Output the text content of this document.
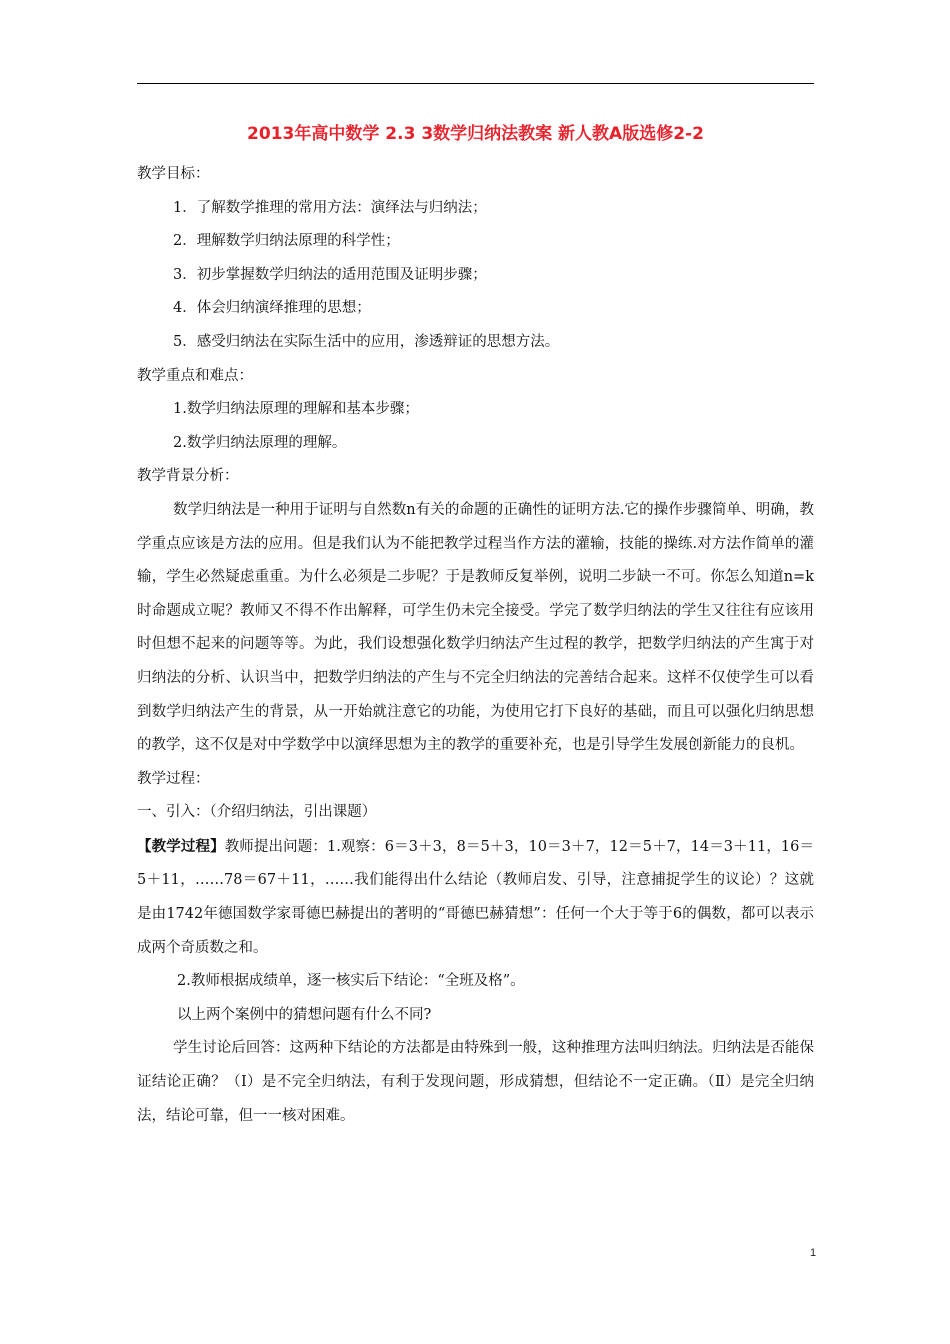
2013年高中数学 2.3 3数学归纳法教案 新人教A版选修2-2
教学目标：
1．了解数学推理的常用方法：演绎法与归纳法；
2．理解数学归纳法原理的科学性；
3．初步掌握数学归纳法的适用范围及证明步骤；
4．体会归纳演绎推理的思想；
5．感受归纳法在实际生活中的应用，渗透辩证的思想方法。
教学重点和难点：
1.数学归纳法原理的理解和基本步骤；
2.数学归纳法原理的理解。
教学背景分析：

数学归纳法是一种用于证明与自然数n有关的命题的正确性的证明方法.它的操作步骤简单、明确，教学重点应该是方法的应用。但是我们认为不能把教学过程当作方法的灌输，技能的操练.对方法作简单的灌输，学生必然疑虑重重。为什么必须是二步呢？于是教师反复举例，说明二步缺一不可。你怎么知道n=k时命题成立呢？教师又不得不作出解释，可学生仍未完全接受。学完了数学归纳法的学生又往往有应该用时但想不起来的问题等等。为此，我们设想强化数学归纳法产生过程的教学，把数学归纳法的产生寓于对归纳法的分析、认识当中，把数学归纳法的产生与不完全归纳法的完善结合起来。这样不仅使学生可以看到数学归纳法产生的背景，从一开始就注意它的功能，为使用它打下良好的基础，而且可以强化归纳思想的教学，这不仅是对中学数学中以演绎思想为主的教学的重要补充，也是引导学生发展创新能力的良机。

教学过程：
一、引入：（介绍归纳法，引出课题）

【教学过程】教师提出问题：1.观察：6＝3＋3，8＝5＋3，10＝3＋7，12＝5＋7，14＝3＋11，16＝5＋11，……78＝67＋11，……我们能得出什么结论（教师启发、引导，注意捕捉学生的议论）？这就是由1742年德国数学家哥德巴赫提出的著明的“哥德巴赫猜想”：任何一个大于等于6的偶数，都可以表示成两个奇质数之和。

2.教师根据成绩单，逐一核实后下结论：“全班及格”。
以上两个案例中的猜想问题有什么不同?

学生讨论后回答：这两种下结论的方法都是由特殊到一般，这种推理方法叫归纳法。归纳法是否能保证结论正确？（Ⅰ）是不完全归纳法，有利于发现问题，形成猜想，但结论不一定正确。（Ⅱ）是完全归纳法，结论可靠，但一一核对困难。

1
